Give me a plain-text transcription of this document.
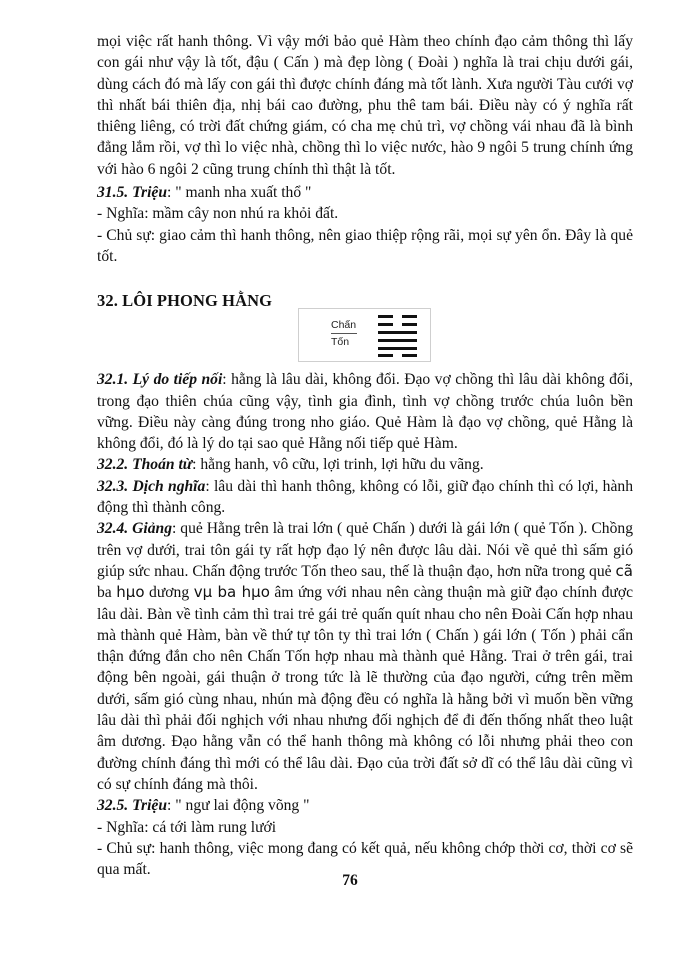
mọi việc rất hanh thông. Vì vậy mới bảo quẻ Hàm theo chính đạo cảm thông thì lấy con gái như vậy là tốt, đậu ( Cấn ) mà đẹp lòng ( Đoài ) nghĩa là trai chịu dưới gái, dùng cách đó mà lấy con gái thì được chính đáng mà tốt lành. Xưa người Tàu cưới vợ thì nhất bái thiên địa, nhị bái cao đường, phu thê tam bái. Điều này có ý nghĩa rất thiêng liêng, có trời đất chứng giám, có cha mẹ chủ trì, vợ chồng vái nhau đã là bình đẳng lắm rồi, vợ thì lo việc nhà, chồng thì lo việc nước, hào 9 ngôi 5 trung chính ứng với hào 6 ngôi 2 cũng trung chính thì thật là tốt.

31.5. Triệu: " manh nha xuất thổ "

- Nghĩa: mầm cây non nhú ra khỏi đất.

- Chủ sự: giao cảm thì hanh thông, nên giao thiệp rộng rãi, mọi sự yên ổn. Đây là quẻ tốt.

32. LÔI PHONG HẰNG

32.1. Lý do tiếp nối: hằng là lâu dài, không đổi. Đạo vợ chồng thì lâu dài không đổi, trong đạo thiên chúa cũng vậy, tình gia đình, tình vợ chồng trước chúa luôn bền vững. Điều này càng đúng trong nho giáo. Quẻ Hàm là đạo vợ chồng, quẻ Hằng là không đổi, đó là lý do tại sao quẻ Hằng nối tiếp quẻ Hàm.

32.2. Thoán từ: hằng hanh, vô cữu, lợi trinh, lợi hữu du vãng.

32.3. Dịch nghĩa: lâu dài thì hanh thông, không có lỗi, giữ đạo chính thì có lợi, hành động thì thành công.

32.4. Giảng: quẻ Hằng trên là trai lớn ( quẻ Chấn ) dưới là gái lớn ( quẻ Tốn ). Chồng trên vợ dưới, trai tôn gái ty rất hợp đạo lý nên được lâu dài. Nói về quẻ thì sấm gió giúp sức nhau. Chấn động trước Tốn theo sau, thế là thuận đạo, hơn nữa trong quẻ cã ba hµo dương vµ ba hµo âm ứng với nhau nên càng thuận mà giữ đạo chính được lâu dài. Bàn về tình cảm thì trai trẻ gái trẻ quấn quít nhau cho nên Đoài Cấn hợp nhau mà thành quẻ Hàm, bàn về thứ tự tôn ty thì trai lớn ( Chấn ) gái lớn ( Tốn ) phải cẩn thận đứng đắn cho nên Chấn Tốn hợp nhau mà thành quẻ Hằng. Trai ở trên gái, trai động bên ngoài, gái thuận ở trong tức là lẽ thường của đạo người, cứng trên mềm dưới, sấm gió cùng nhau, nhún mà động đều có nghĩa là hằng bởi vì muốn bền vững lâu dài thì phải đối nghịch với nhau nhưng đối nghịch để đi đến thống nhất theo luật âm dương. Đạo hằng vẫn có thể hanh thông mà không có lỗi nhưng phải theo con đường chính đáng thì mới có thể lâu dài. Đạo của trời đất sở dĩ có thể lâu dài cũng vì có sự chính đáng mà thôi.

32.5. Triệu: " ngư lai động võng "

- Nghĩa: cá tới làm rung lưới

- Chủ sự: hanh thông, việc mong đang có kết quả, nếu không chớp thời cơ, thời cơ sẽ qua mất.

Chấn
Tốn
76
